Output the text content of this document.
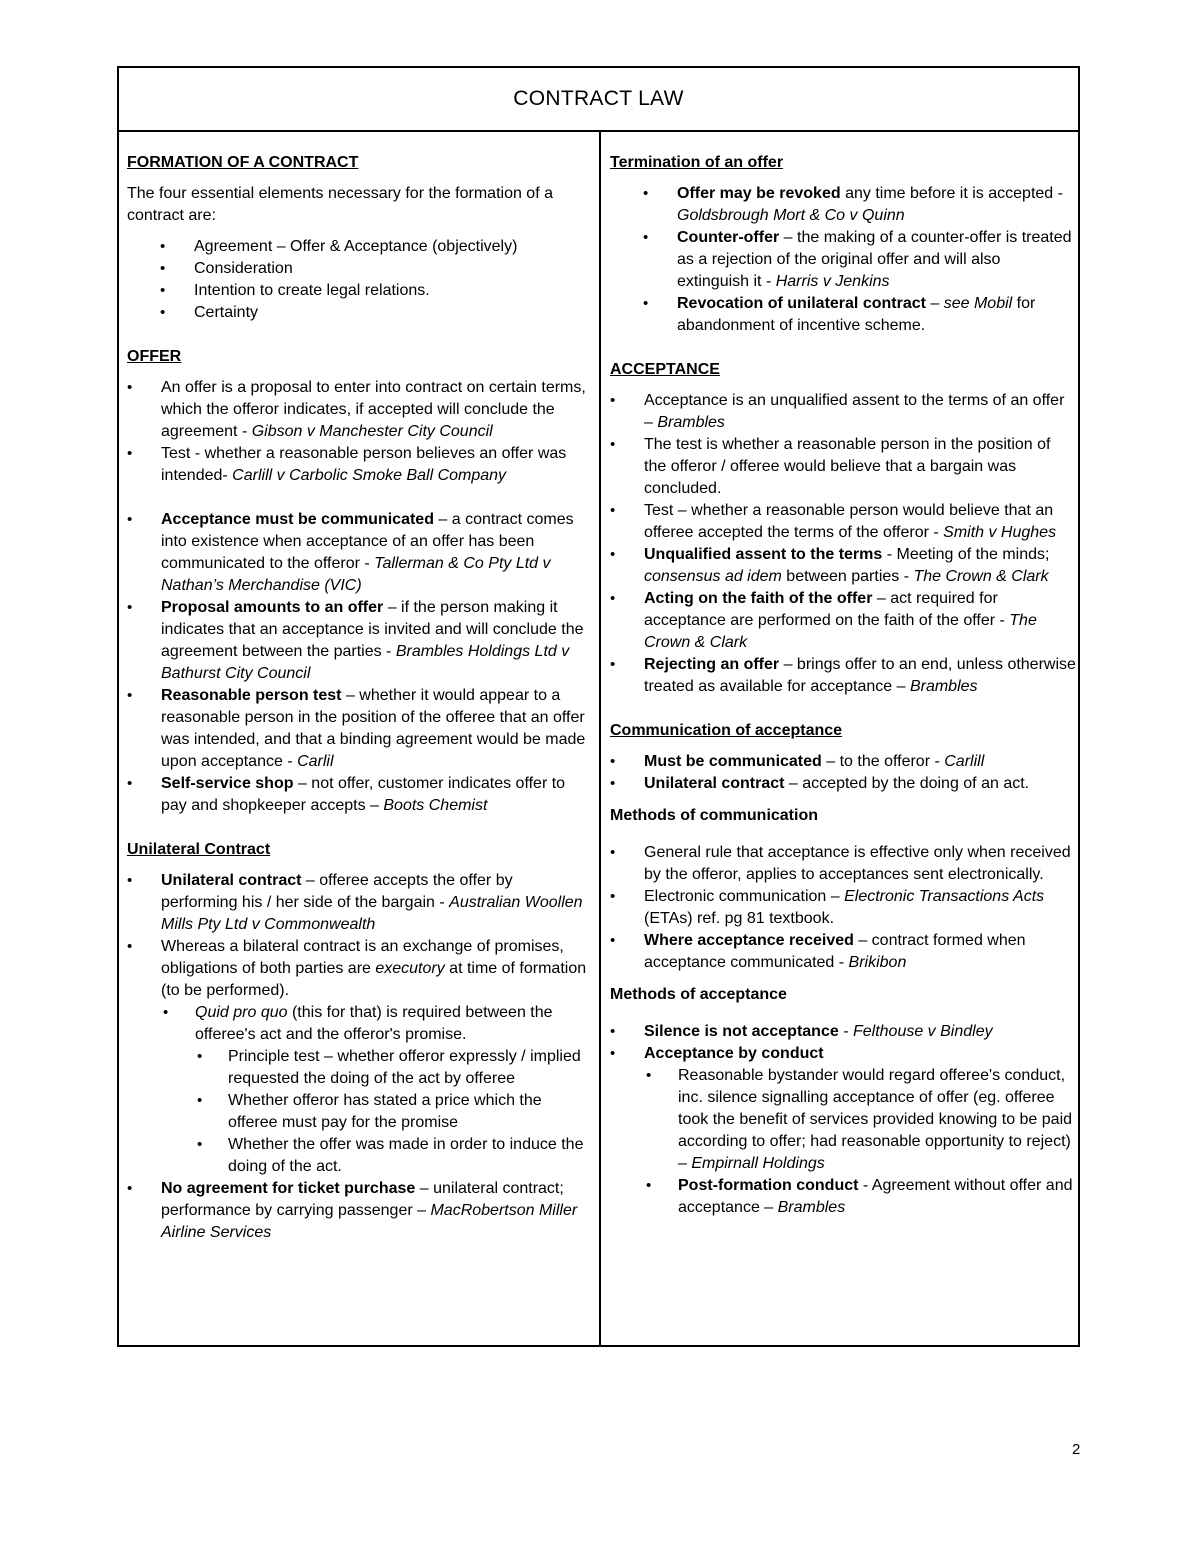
CONTRACT LAW
FORMATION OF A CONTRACT

The four essential elements necessary for the formation of a contract are:

• Agreement – Offer & Acceptance (objectively)
• Consideration
• Intention to create legal relations.
• Certainty
OFFER
• An offer is a proposal to enter into contract on certain terms, which the offeror indicates, if accepted will conclude the agreement - Gibson v Manchester City Council
• Test - whether a reasonable person believes an offer was intended- Carlill v Carbolic Smoke Ball Company
• Acceptance must be communicated – a contract comes into existence when acceptance of an offer has been communicated to the offeror - Tallerman & Co Pty Ltd v Nathan’s Merchandise (VIC)
• Proposal amounts to an offer – if the person making it indicates that an acceptance is invited and will conclude the agreement between the parties - Brambles Holdings Ltd v Bathurst City Council
• Reasonable person test – whether it would appear to a reasonable person in the position of the offeree that an offer was intended, and that a binding agreement would be made upon acceptance - Carlil
• Self-service shop – not offer, customer indicates offer to pay and shopkeeper accepts – Boots Chemist
Unilateral Contract
• Unilateral contract – offeree accepts the offer by performing his / her side of the bargain - Australian Woollen Mills Pty Ltd v Commonwealth
• Whereas a bilateral contract is an exchange of promises, obligations of both parties are executory at time of formation (to be performed).
• Quid pro quo (this for that) is required between the offeree's act and the offeror's promise.
• Principle test – whether offeror expressly / implied requested the doing of the act by offeree
• Whether offeror has stated a price which the offeree must pay for the promise
• Whether the offer was made in order to induce the doing of the act.
• No agreement for ticket purchase – unilateral contract; performance by carrying passenger – MacRobertson Miller Airline Services
Termination of an offer
• Offer may be revoked any time before it is accepted - Goldsbrough Mort & Co v Quinn
• Counter-offer – the making of a counter-offer is treated as a rejection of the original offer and will also extinguish it - Harris v Jenkins
• Revocation of unilateral contract – see Mobil for abandonment of incentive scheme.
ACCEPTANCE
• Acceptance is an unqualified assent to the terms of an offer – Brambles
• The test is whether a reasonable person in the position of the offeror / offeree would believe that a bargain was concluded.
• Test – whether a reasonable person would believe that an offeree accepted the terms of the offeror - Smith v Hughes
• Unqualified assent to the terms - Meeting of the minds; consensus ad idem between parties - The Crown & Clark
• Acting on the faith of the offer – act required for acceptance are performed on the faith of the offer - The Crown & Clark
• Rejecting an offer – brings offer to an end, unless otherwise treated as available for acceptance – Brambles
Communication of acceptance
• Must be communicated – to the offeror - Carlill
• Unilateral contract – accepted by the doing of an act.
Methods of communication
• General rule that acceptance is effective only when received by the offeror, applies to acceptances sent electronically.
• Electronic communication – Electronic Transactions Acts (ETAs) ref. pg 81 textbook.
• Where acceptance received – contract formed when acceptance communicated - Brikibon
Methods of acceptance
• Silence is not acceptance - Felthouse v Bindley
• Acceptance by conduct
• Reasonable bystander would regard offeree's conduct, inc. silence signalling acceptance of offer (eg. offeree took the benefit of services provided knowing to be paid according to offer; had reasonable opportunity to reject) – Empirnall Holdings
• Post-formation conduct - Agreement without offer and acceptance – Brambles
2
